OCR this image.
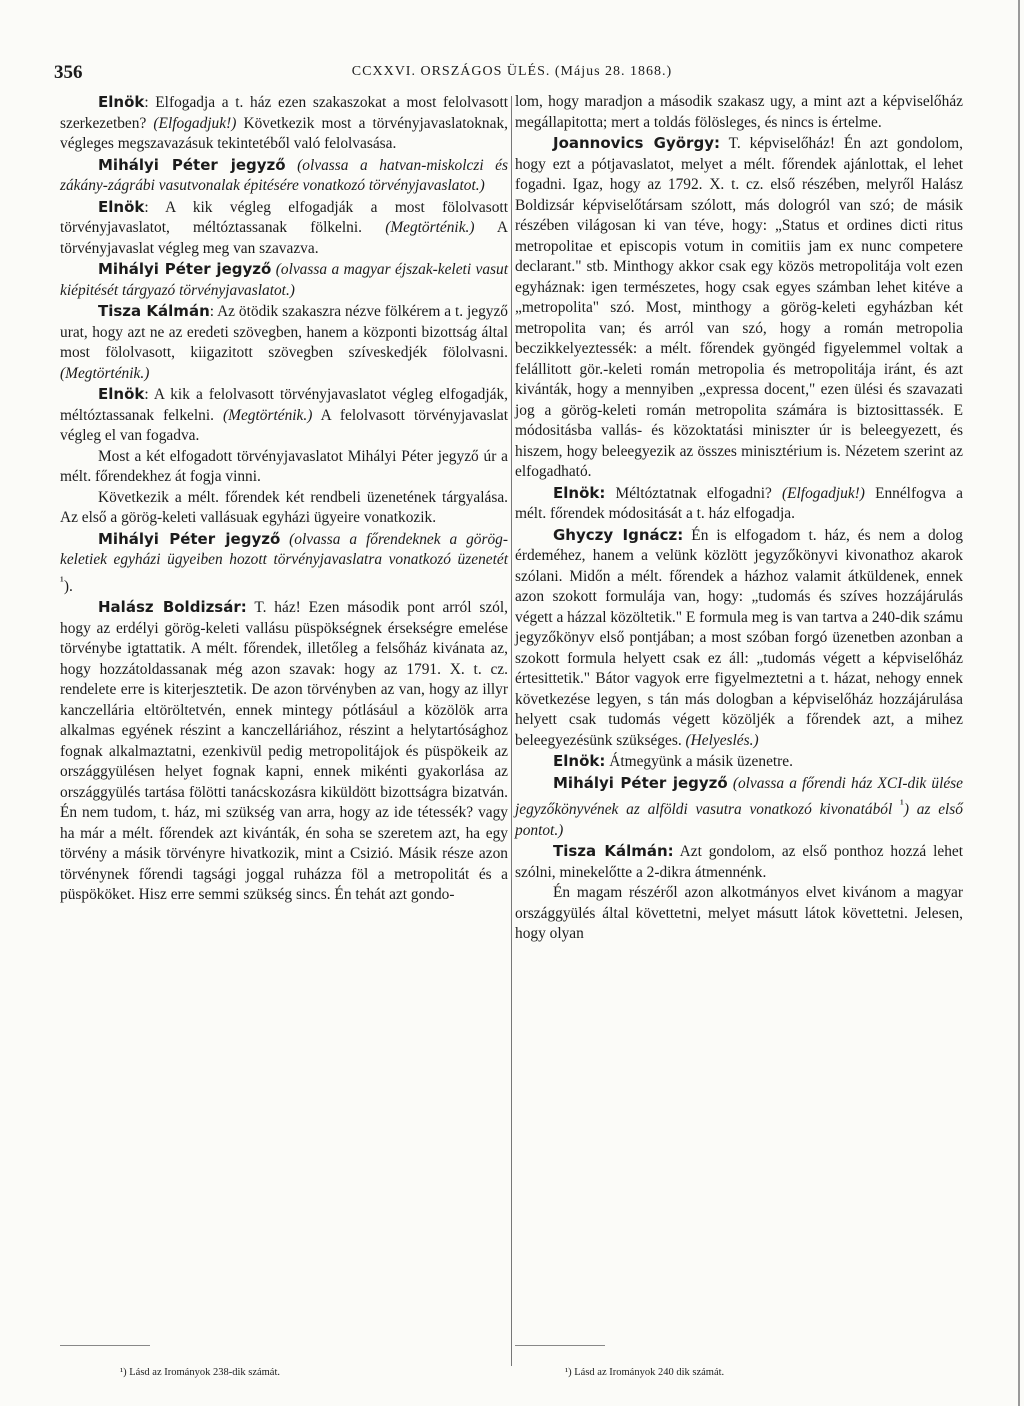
356	CCXXVI. ORSZÁGOS ÜLÉS. (Május 28. 1868.)

Elnök: Elfogadja a t. ház ezen szakaszokat a most felolvasott szerkezetben? (Elfogadjuk!) Következik most a törvényjavaslatoknak, végleges megszavazásuk tekintetéből való felolvasása.

Mihályi Péter jegyző (olvassa a hatvan-miskolczi és zákány-zágrábi vasutvonalak épitésére vonatkozó törvényjavaslatot.)

Elnök: A kik végleg elfogadják a most fölolvasott törvényjavaslatot, méltóztassanak fölkelni. (Megtörténik.) A törvényjavaslat végleg meg van szavazva.

Mihályi Péter jegyző (olvassa a magyar éjszak-keleti vasut kiépitését tárgyazó törvényjavaslatot.)

Tisza Kálmán: Az ötödik szakaszra nézve fölkérem a t. jegyző urat, hogy azt ne az eredeti szövegben, hanem a központi bizottság által most fölolvasott, kiigazitott szövegben szíveskedjék fölolvasni. (Megtörténik.)

Elnök: A kik a felolvasott törvényjavaslatot végleg elfogadják, méltóztassanak felkelni. (Megtörténik.) A felolvasott törvényjavaslat végleg el van fogadva.

Most a két elfogadott törvényjavaslatot Mihályi Péter jegyző úr a mélt. főrendekhez át fogja vinni.

Következik a mélt. főrendek két rendbeli üzenetének tárgyalása. Az első a görög-keleti vallásuak egyházi ügyeire vonatkozik.

Mihályi Péter jegyző (olvassa a főrendeknek a görög-keletiek egyházi ügyeiben hozott törvényjavaslatra vonatkozó üzenetét $^{^1}$).

Halász Boldizsár: T. ház! Ezen második pont arról szól, hogy az erdélyi görög-keleti vallásu püspökségnek érsekségre emelése törvénybe igtattatik. A mélt. főrendek, illetőleg a felsőház kivánata az, hogy hozzátoldassanak még azon szavak: hogy az 1791. X. t. cz. rendelete erre is kiterjesztetik. De azon törvényben az van, hogy az illyr kanczellária eltöröltetvén, ennek mintegy pótlásául a közölök arra alkalmas egyének részint a kanczelláriához, részint a helytartósághoz fognak alkalmaztatni, ezenkivül pedig metropolitájok és püspökeik az országgyülésen helyet fognak kapni, ennek mikénti gyakorlása az országgyülés tartása fölötti tanácskozásra kiküldött bizottságra bizatván. Én nem tudom, t. ház, mi szükség van arra, hogy az ide tétessék? vagy ha már a mélt. főrendek azt kivánták, én soha se szeretem azt, ha egy törvény a másik törvényre hivatkozik, mint a Csizió. Másik része azon törvénynek főrendi tagsági joggal ruházza föl a metropolitát és a püspököket. Hisz erre semmi szükség sincs. Én tehát azt gondo-

lom, hogy maradjon a második szakasz ugy, a mint azt a képviselőház megállapitotta; mert a toldás fölösleges, és nincs is értelme.

Joannovics György: T. képviselőház! Én azt gondolom, hogy ezt a pótjavaslatot, melyet a mélt. főrendek ajánlottak, el lehet fogadni. Igaz, hogy az 1792. X. t. cz. első részében, melyről Halász Boldizsár képviselőtársam szólott, más dologról van szó; de másik részében világosan ki van téve, hogy: „Status et ordines dicti ritus metropolitae et episcopis votum in comitiis jam ex nunc competere declarant." stb. Minthogy akkor csak egy közös metropolitája volt ezen egyháznak: igen természetes, hogy csak egyes számban lehet kitéve a „metropolita" szó. Most, minthogy a görög-keleti egyházban két metropolita van; és arról van szó, hogy a román metropolia beczikkelyeztessék: a mélt. főrendek gyöngéd figyelemmel voltak a felállitott gör.-keleti román metropolia és metropolitája iránt, és azt kivánták, hogy a mennyiben „expressa docent," ezen ülési és szavazati jog a görög-keleti román metropolita számára is biztosittassék. E módositásba vallás- és közoktatási miniszter úr is beleegyezett, és hiszem, hogy beleegyezik az összes minisztérium is. Nézetem szerint az elfogadható.

Elnök: Méltóztatnak elfogadni? (Elfogadjuk!) Ennélfogva a mélt. főrendek módositását a t. ház elfogadja.

Ghyczy Ignácz: Én is elfogadom t. ház, és nem a dolog érdeméhez, hanem a velünk közlött jegyzőkönyvi kivonathoz akarok szólani. Midőn a mélt. főrendek a házhoz valamit átküldenek, ennek azon szokott formulája van, hogy: „tudomás és szíves hozzájárulás végett a házzal közöltetik." E formula meg is van tartva a 240-dik számu jegyzőkönyv első pontjában; a most szóban forgó üzenetben azonban a szokott formula helyett csak ez áll: „tudomás végett a képviselőház értesittetik." Bátor vagyok erre figyelmeztetni a t. házat, nehogy ennek következése legyen, s tán más dologban a képviselőház hozzájárulása helyett csak tudomás végett közöljék a főrendek azt, a mihez beleegyezésünk szükséges. (Helyeslés.)

Elnök: Átmegyünk a másik üzenetre.

Mihályi Péter jegyző (olvassa a főrendi ház XCI-dik ülése jegyzőkönyvének az alföldi vasutra vonatkozó kivonatából $^{^1}$) az első pontot.)

Tisza Kálmán: Azt gondolom, az első ponthoz hozzá lehet szólni, minekelőtte a 2-dikra átmennénk.

Én magam részéről azon alkotmányos elvet kivánom a magyar országgyülés által követtetni, melyet másutt látok követtetni. Jelesen, hogy olyan

¹) Lásd az Irományok 238-dik számát.	¹) Lásd az Irományok 240 dik számát.
